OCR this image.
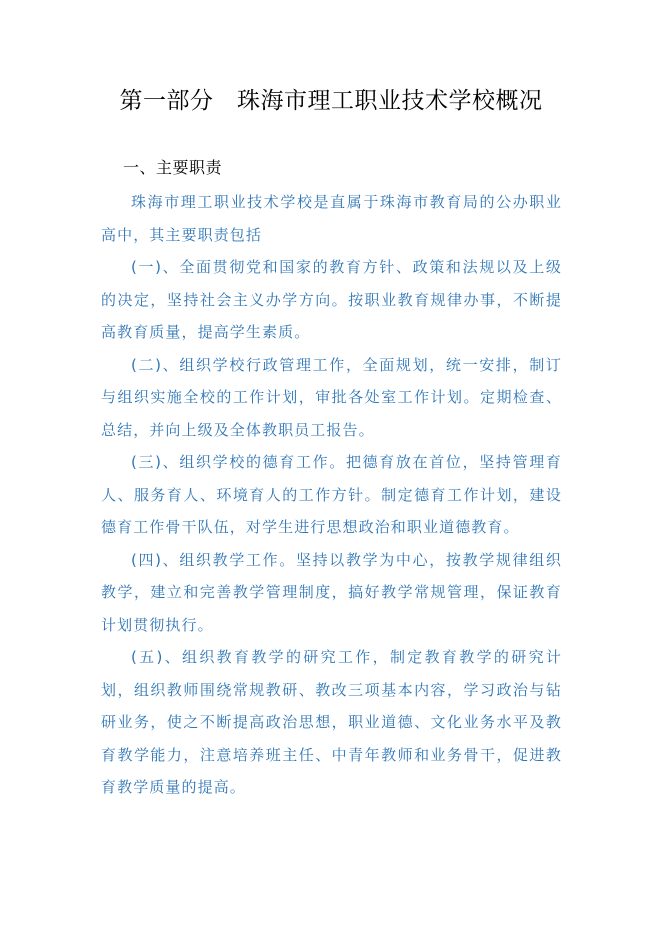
第一部分　珠海市理工职业技术学校概况
一、主要职责

珠海市理工职业技术学校是直属于珠海市教育局的公办职业高中，其主要职责包括

(一)、全面贯彻党和国家的教育方针、政策和法规以及上级的决定，坚持社会主义办学方向。按职业教育规律办事，不断提高教育质量，提高学生素质。

(二)、组织学校行政管理工作，全面规划，统一安排，制订与组织实施全校的工作计划，审批各处室工作计划。定期检查、总结，并向上级及全体教职员工报告。

(三)、组织学校的德育工作。把德育放在首位，坚持管理育人、服务育人、环境育人的工作方针。制定德育工作计划，建设德育工作骨干队伍，对学生进行思想政治和职业道德教育。

(四)、组织教学工作。坚持以教学为中心，按教学规律组织教学，建立和完善教学管理制度，搞好教学常规管理，保证教育计划贯彻执行。

(五)、组织教育教学的研究工作，制定教育教学的研究计划，组织教师围绕常规教研、教改三项基本内容，学习政治与钻研业务，使之不断提高政治思想，职业道德、文化业务水平及教育教学能力，注意培养班主任、中青年教师和业务骨干，促进教育教学质量的提高。
